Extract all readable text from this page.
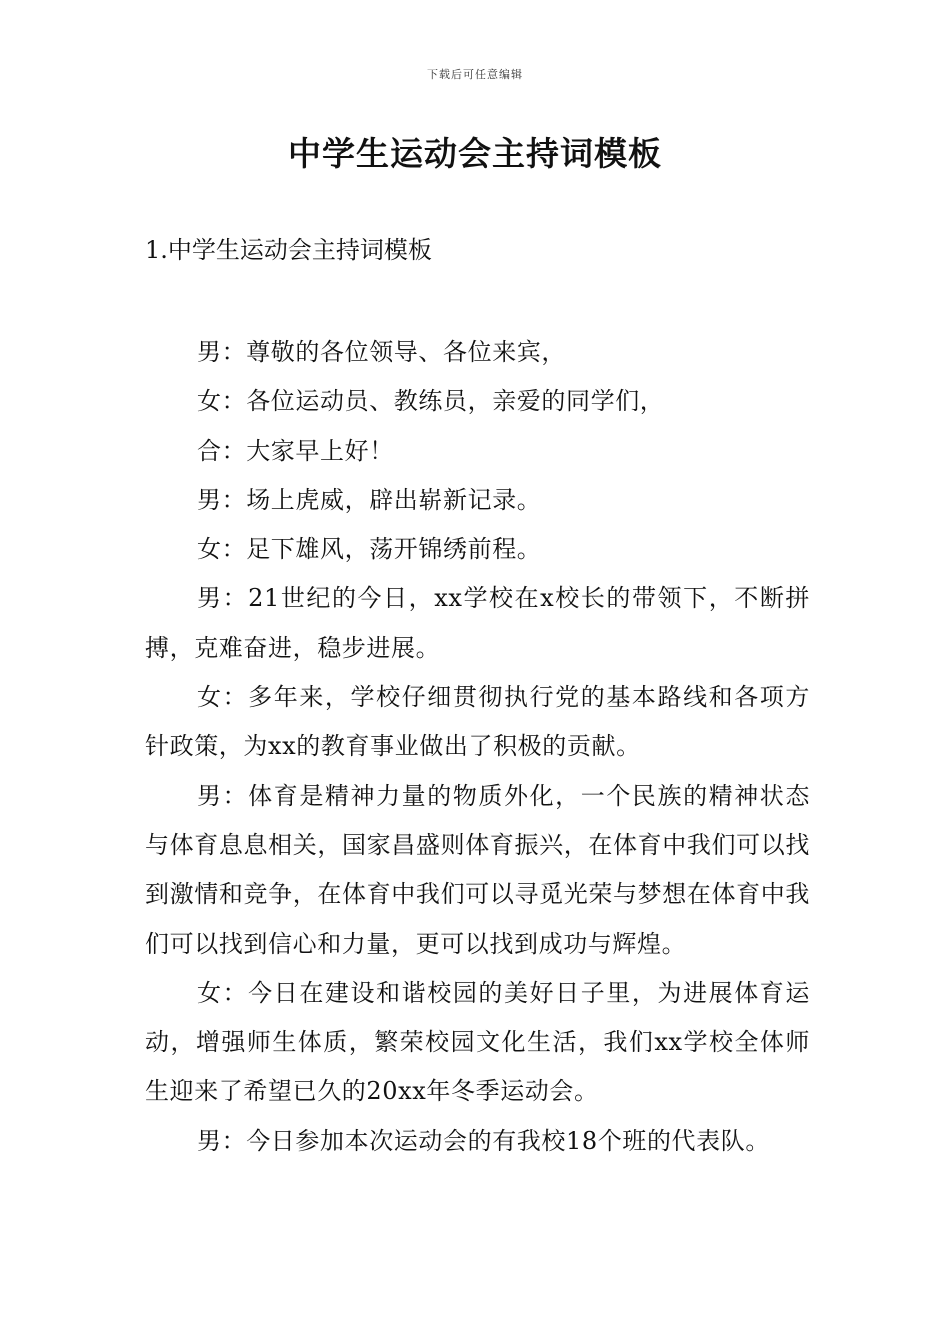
下载后可任意编辑
中学生运动会主持词模板
1.中学生运动会主持词模板

男：尊敬的各位领导、各位来宾，

女：各位运动员、教练员，亲爱的同学们，

合：大家早上好！

男：场上虎威，辟出崭新记录。

女：足下雄风，荡开锦绣前程。

男：21世纪的今日，xx学校在x校长的带领下，不断拼搏，克难奋进，稳步进展。

女：多年来，学校仔细贯彻执行党的基本路线和各项方针政策，为xx的教育事业做出了积极的贡献。

男：体育是精神力量的物质外化，一个民族的精神状态与体育息息相关，国家昌盛则体育振兴，在体育中我们可以找到激情和竞争，在体育中我们可以寻觅光荣与梦想在体育中我们可以找到信心和力量，更可以找到成功与辉煌。

女：今日在建设和谐校园的美好日子里，为进展体育运动，增强师生体质，繁荣校园文化生活，我们xx学校全体师生迎来了希望已久的20xx年冬季运动会。

男：今日参加本次运动会的有我校18个班的代表队。
